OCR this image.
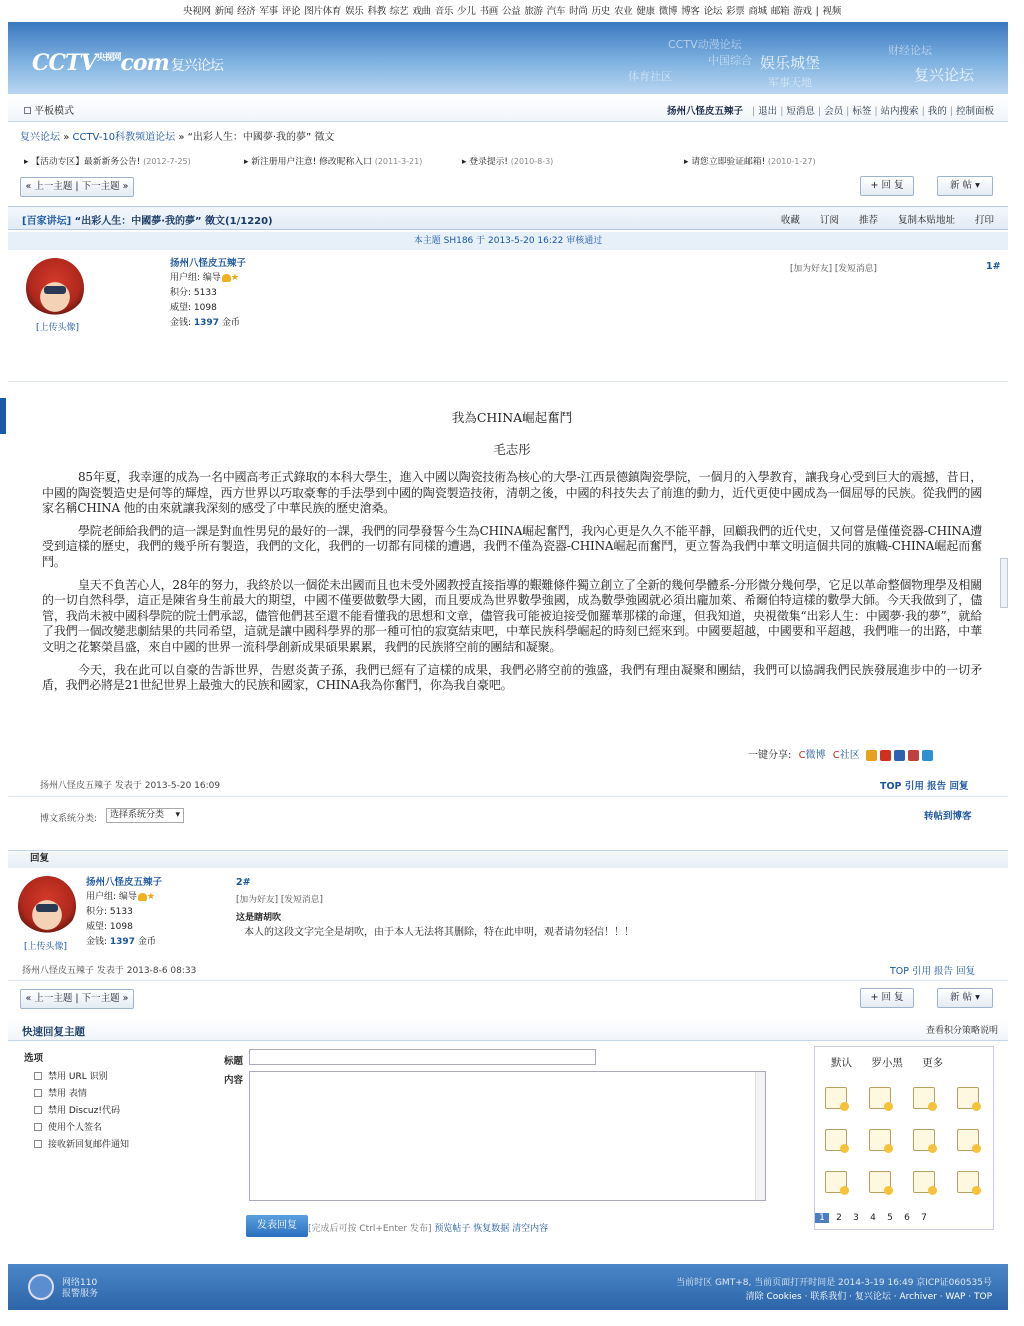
央视网 新闻 经济 军事 评论 图片体育 娱乐 科教 综艺 戏曲 音乐 少儿 书画 公益 旅游 汽车 时尚 历史 农业 健康 微博 博客 论坛 彩票 商城 邮箱 游戏 | 视频
$CCTV^{央视网}com$ 复兴论坛
CCTV动漫论坛
中国综合
体育社区	军事天地
财经论坛
娱乐城堡
复兴论坛
平板模式	扬州八怪皮五辣子 | 退出 | 短消息 | 会员 | 标签 | 站内搜索 | 我的 | 控制面板
复兴论坛 » CCTV-10科教频道论坛 » “出彩人生：中國夢·我的夢” 徵文
▸ 【活动专区】最新新务公告! (2012-7-25)	▸ 新注册用户注意! 修改昵称入口 (2011-3-21)	▸ 登录提示! (2010-8-3)	▸ 请您立即验证邮箱! (2010-1-27)
« 上一主题 | 下一主题 »	+ 回 复	新 帖 ▾
[百家讲坛] “出彩人生：中國夢·我的夢” 徵文(1/1220)	收藏 订阅 推荐 复制本贴地址 打印
本主题 SH186 于 2013-5-20 16:22 审核通过
[上传头像]
扬州八怪皮五辣子
用户组: 编导 ★
积分: 5133
威望: 1098
金钱: 1397 金币
[加为好友] [发短消息]	1#
我為CHINA崛起奮鬥
毛志彤

85年夏，我幸運的成為一名中國高考正式錄取的本科大學生，進入中國以陶瓷技術為核心的大學-江西景德鎮陶瓷學院，一個月的入學教育，讓我身心受到巨大的震撼，昔日，中國的陶瓷製造史是何等的輝煌，西方世界以巧取豪奪的手法學到中國的陶瓷製造技術，清朝之後，中國的科技失去了前進的動力，近代更使中國成為一個屈辱的民族。從我們的國家名稱CHINA 他的由來就讓我深刻的感受了中華民族的歷史滄桑。

學院老師給我們的這一課是對血性男兒的最好的一課，我們的同學發誓今生為CHINA崛起奮鬥，我內心更是久久不能平靜，回顧我們的近代史，又何嘗是僅僅瓷器-CHINA遭受到這樣的歷史，我們的幾乎所有製造，我們的文化，我們的一切都有同樣的遭遇，我們不僅為瓷器-CHINA崛起而奮鬥，更立誓為我們中華文明這個共同的旗幟-CHINA崛起而奮鬥。

皇天不負苦心人，28年的努力，我終於以一個從未出國而且也未受外國教授直接指導的艱難條件獨立創立了全新的幾何學體系-分形微分幾何學，它足以革命整個物理學及相關的一切自然科學，這正是陳省身生前最大的期望，中國不僅要做數學大國，而且要成為世界數學強國，成為數學強國就必須出龐加萊、希爾伯特這樣的數學大師。今天我做到了，儘管，我尚未被中國科學院的院士們承認，儘管他們甚至還不能看懂我的思想和文章，儘管我可能被迫接受伽羅華那樣的命運，但我知道，央視徵集“出彩人生：中國夢·我的夢”，就給了我們一個改變悲劇結果的共同希望，這就是讓中國科學界的那一種可怕的寂寞結束吧，中華民族科學崛起的時刻已經來到。中國要超越，中國要和平超越，我們唯一的出路，中華文明之花繁榮昌盛，來自中國的世界一流科學創新成果碩果累累，我們的民族將空前的團結和凝聚。

今天，我在此可以自豪的告訴世界，告慰炎黃子孫，我們已經有了這樣的成果，我們必將空前的強盛，我們有理由凝聚和團結，我們可以協調我們民族發展進步中的一切矛盾，我們必將是21世紀世界上最強大的民族和國家，CHINA我為你奮鬥，你為我自豪吧。

一键分享: C微博 C社区
扬州八怪皮五辣子 发表于 2013-5-20 16:09	TOP 引用 报告 回复
博文系统分类:	选择系统分类 ▾	转帖到博客
回复
[上传头像]
扬州八怪皮五辣子
用户组: 编导 ★
积分: 5133
威望: 1098
金钱: 1397 金币
2#
[加为好友] [发短消息]
这是瞎胡吹
本人的这段文字完全是胡吹，由于本人无法将其删除，特在此申明，观者请勿轻信！！！
扬州八怪皮五辣子 发表于 2013-8-6 08:33	TOP 引用 报告 回复
« 上一主题 | 下一主题 »	+ 回 复	新 帖 ▾
快速回复主题	查看积分策略说明
选项
禁用 URL 识别
禁用 表情
禁用 Discuz!代码
使用个人签名
接收新回复邮件通知
标题
内容
发表回复	[完成后可按 Ctrl+Enter 发布] 预览帖子 恢复数据 清空内容
默认 罗小黑 更多
1 2 3 4 5 6 7
网络110
报警服务
当前时区 GMT+8, 当前页面打开时间是 2014-3-19 16:49 京ICP证060535号
清除 Cookies · 联系我们 · 复兴论坛 · Archiver · WAP · TOP
